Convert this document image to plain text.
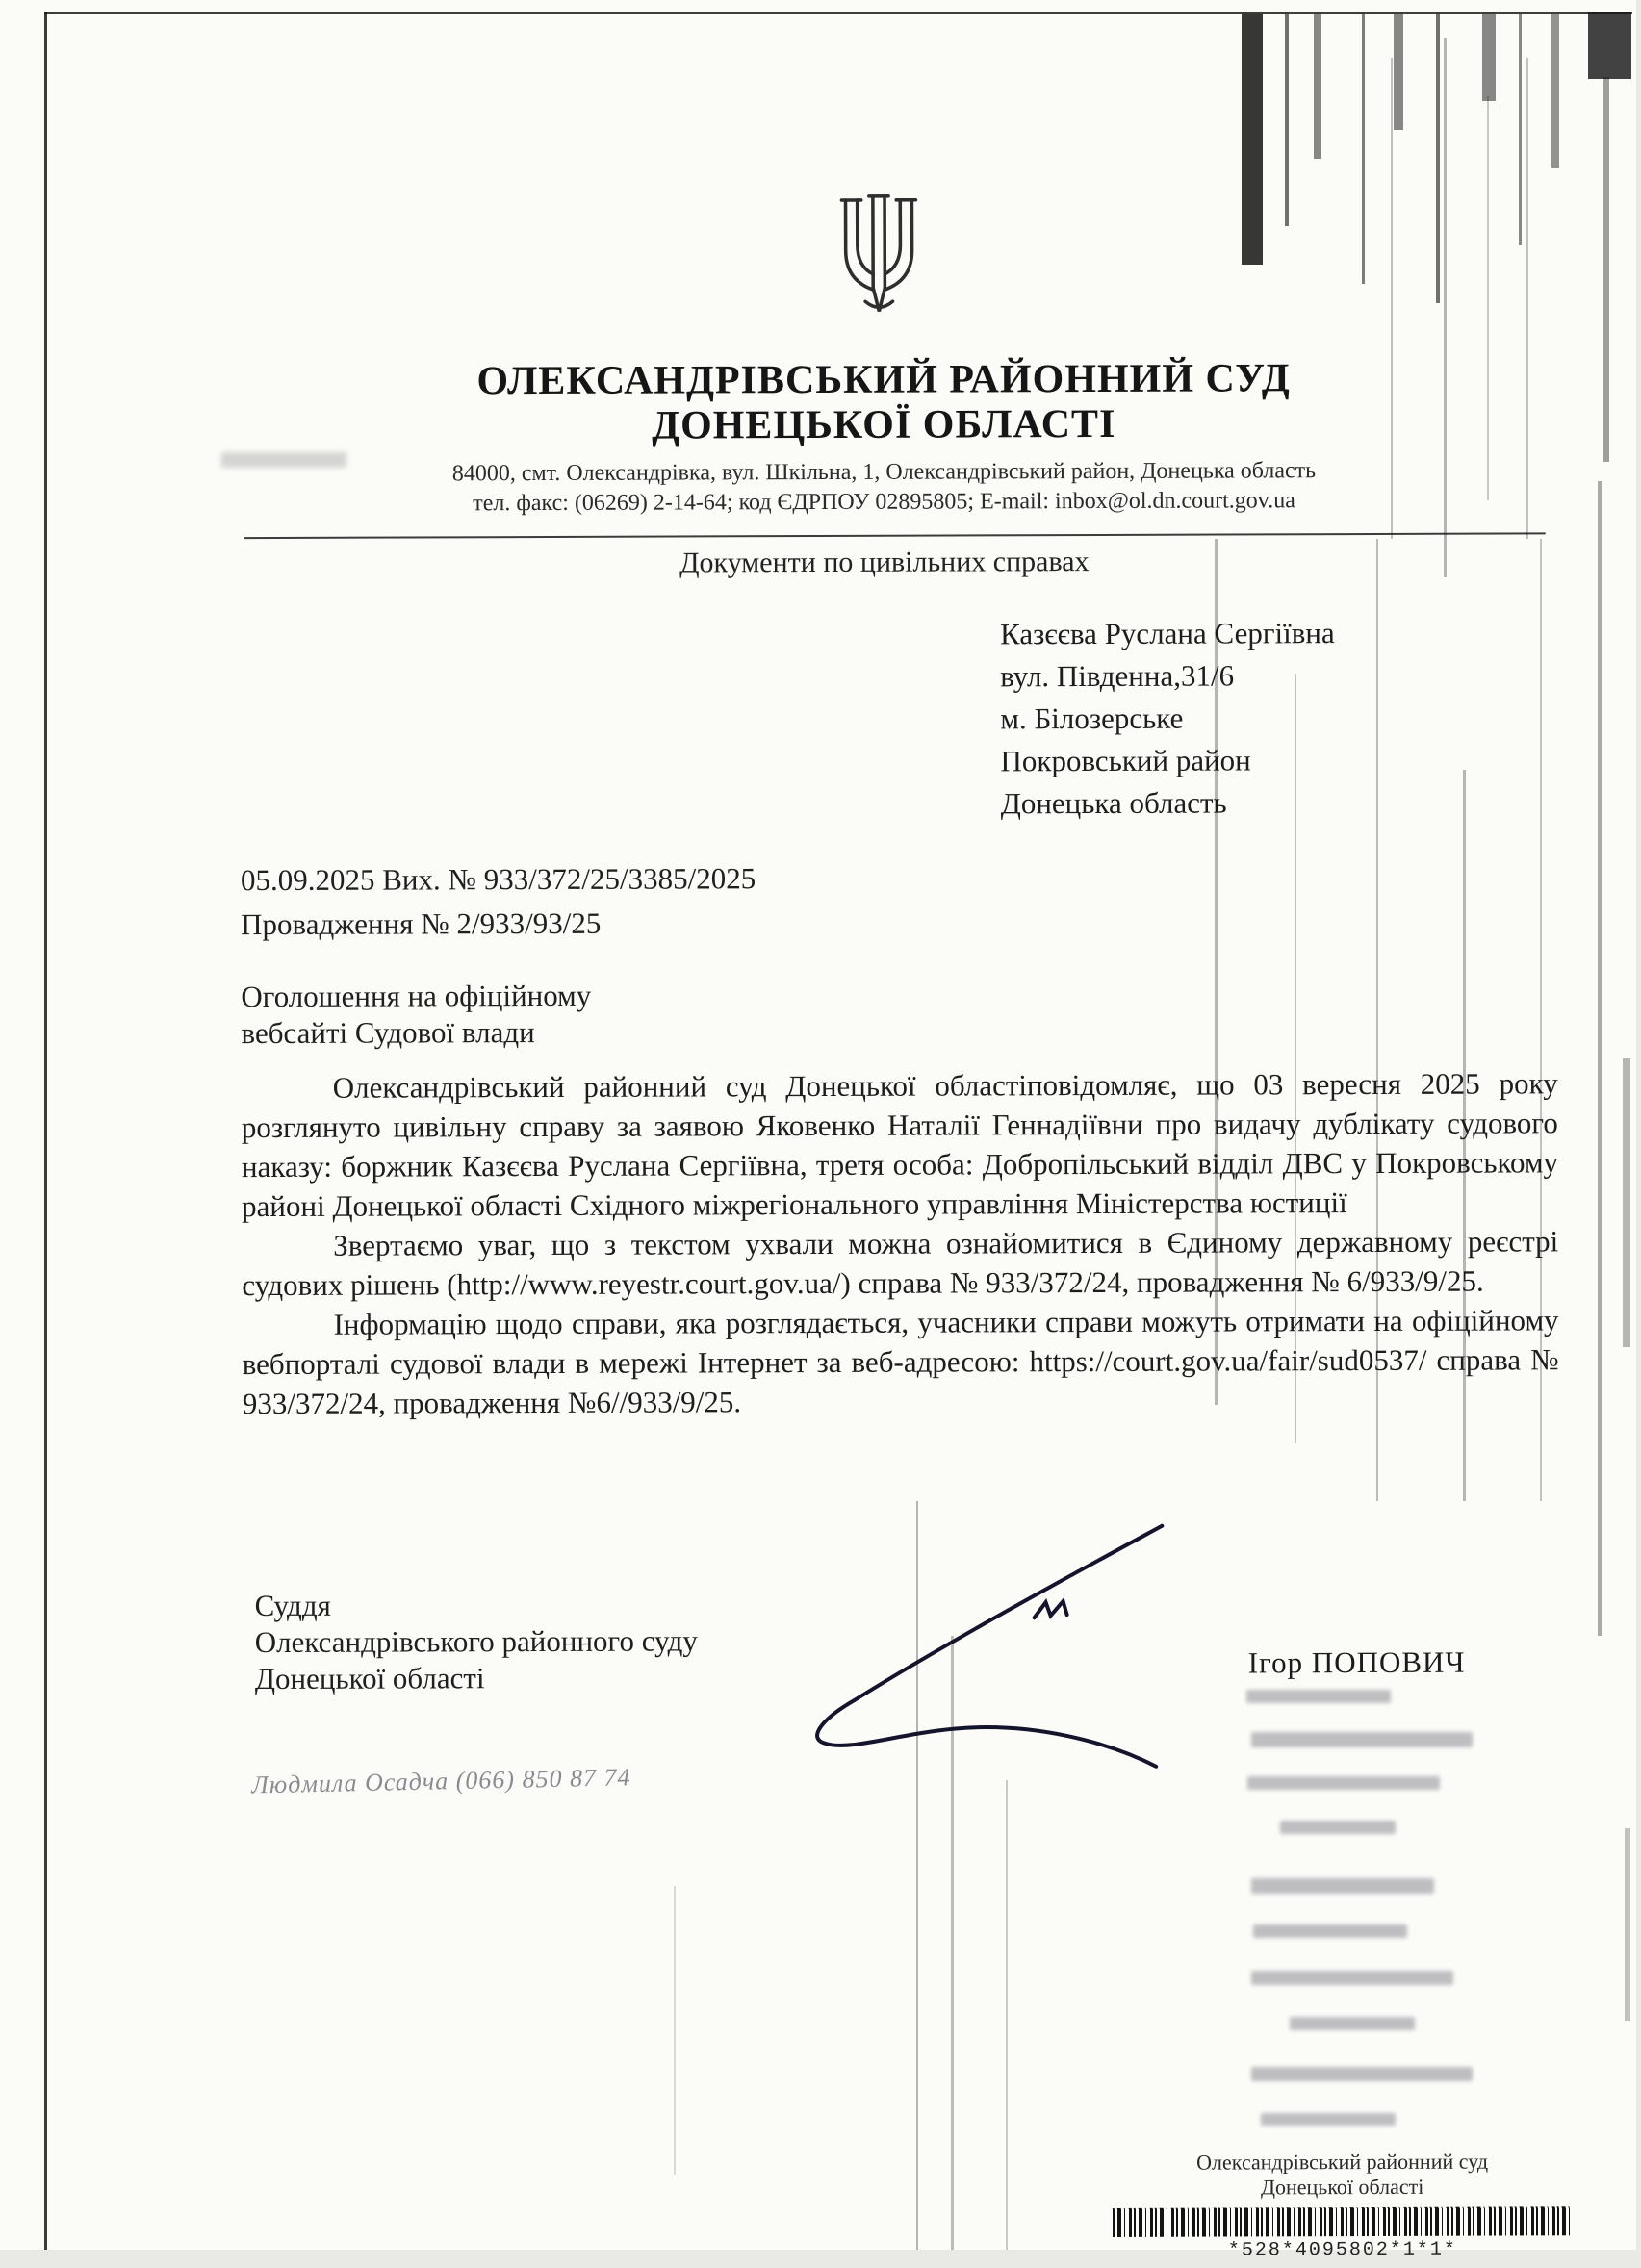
ОЛЕКСАНДРІВСЬКИЙ РАЙОННИЙ СУД
ДОНЕЦЬКОЇ ОБЛАСТІ
84000, смт. Олександрівка, вул. Шкільна, 1, Олександрівський район, Донецька область
тел. факс: (06269) 2-14-64; код ЄДРПОУ 02895805; E-mail: inbox@ol.dn.court.gov.ua
Документи по цивільних справах
Казєєва Руслана Сергіївна
вул. Південна,31/6
м. Білозерське
Покровський район
Донецька область
05.09.2025 Вих. № 933/372/25/3385/2025
Провадження № 2/933/93/25
Оголошення на офіційному
вебсайті Судової влади

Олександрівський районний суд Донецької областіповідомляє, що 03 вересня 2025 року розглянуто цивільну справу за заявою Яковенко Наталії Геннадіївни про видачу дублікату судового наказу: боржник Казєєва Руслана Сергіївна, третя особа: Добропільський відділ ДВС у Покровському районі Донецької області Східного міжрегіонального управління Міністерства юстиції

Звертаємо уваг, що з текстом ухвали можна ознайомитися в Єдиному державному реєстрі судових рішень (http://www.reyestr.court.gov.ua/) справа № 933/372/24, провадження № 6/933/9/25.

Інформацію щодо справи, яка розглядається, учасники справи можуть отримати на офіційному вебпорталі судової влади в мережі Інтернет за веб-адресою: https://court.gov.ua/fair/sud0537/ справа № 933/372/24, провадження №6//933/9/25.

Суддя
Олександрівського районного суду
Донецької області	Ігор ПОПОВИЧ
Людмила Осадча (066) 850 87 74
Олександрівський районний суд
Донецької області
*528*4095802*1*1*
